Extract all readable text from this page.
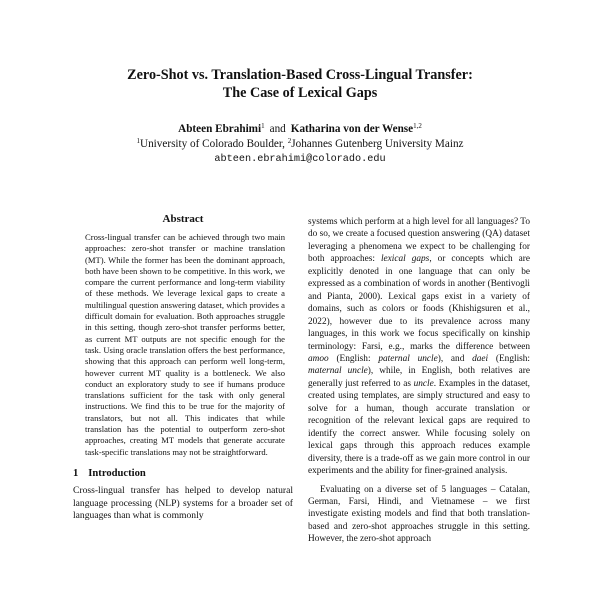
Zero-Shot vs. Translation-Based Cross-Lingual Transfer:
The Case of Lexical Gaps
Abteen Ebrahimi$^1$ and Katharina von der Wense$^{1,2}$
$^1$University of Colorado Boulder, $^2$Johannes Gutenberg University Mainz
abteen.ebrahimi@colorado.edu
Abstract

Cross-lingual transfer can be achieved through two main approaches: zero-shot transfer or machine translation (MT). While the former has been the dominant approach, both have been shown to be competitive. In this work, we compare the current performance and long-term viability of these methods. We leverage lexical gaps to create a multilingual question answering dataset, which provides a difficult domain for evaluation. Both approaches struggle in this setting, though zero-shot transfer performs better, as current MT outputs are not specific enough for the task. Using oracle translation offers the best performance, showing that this approach can perform well long-term, however current MT quality is a bottleneck. We also conduct an exploratory study to see if humans produce translations sufficient for the task with only general instructions. We find this to be true for the majority of translators, but not all. This indicates that while translation has the potential to outperform zero-shot approaches, creating MT models that generate accurate task-specific translations may not be straightforward.

1 Introduction

Cross-lingual transfer has helped to develop natural language processing (NLP) systems for a broader set of languages than what is commonly

systems which perform at a high level for all languages? To do so, we create a focused question answering (QA) dataset leveraging a phenomena we expect to be challenging for both approaches: lexical gaps, or concepts which are explicitly denoted in one language that can only be expressed as a combination of words in another (Bentivogli and Pianta, 2000). Lexical gaps exist in a variety of domains, such as colors or foods (Khishigsuren et al., 2022), however due to its prevalence across many languages, in this work we focus specifically on kinship terminology: Farsi, e.g., marks the difference between amoo (English: paternal uncle), and daei (English: maternal uncle), while, in English, both relatives are generally just referred to as uncle. Examples in the dataset, created using templates, are simply structured and easy to solve for a human, though accurate translation or recognition of the relevant lexical gaps are required to identify the correct answer. While focusing solely on lexical gaps through this approach reduces example diversity, there is a trade-off as we gain more control in our experiments and the ability for finer-grained analysis.

Evaluating on a diverse set of 5 languages – Catalan, German, Farsi, Hindi, and Vietnamese – we first investigate existing models and find that both translation-based and zero-shot approaches struggle in this setting. However, the zero-shot approach
